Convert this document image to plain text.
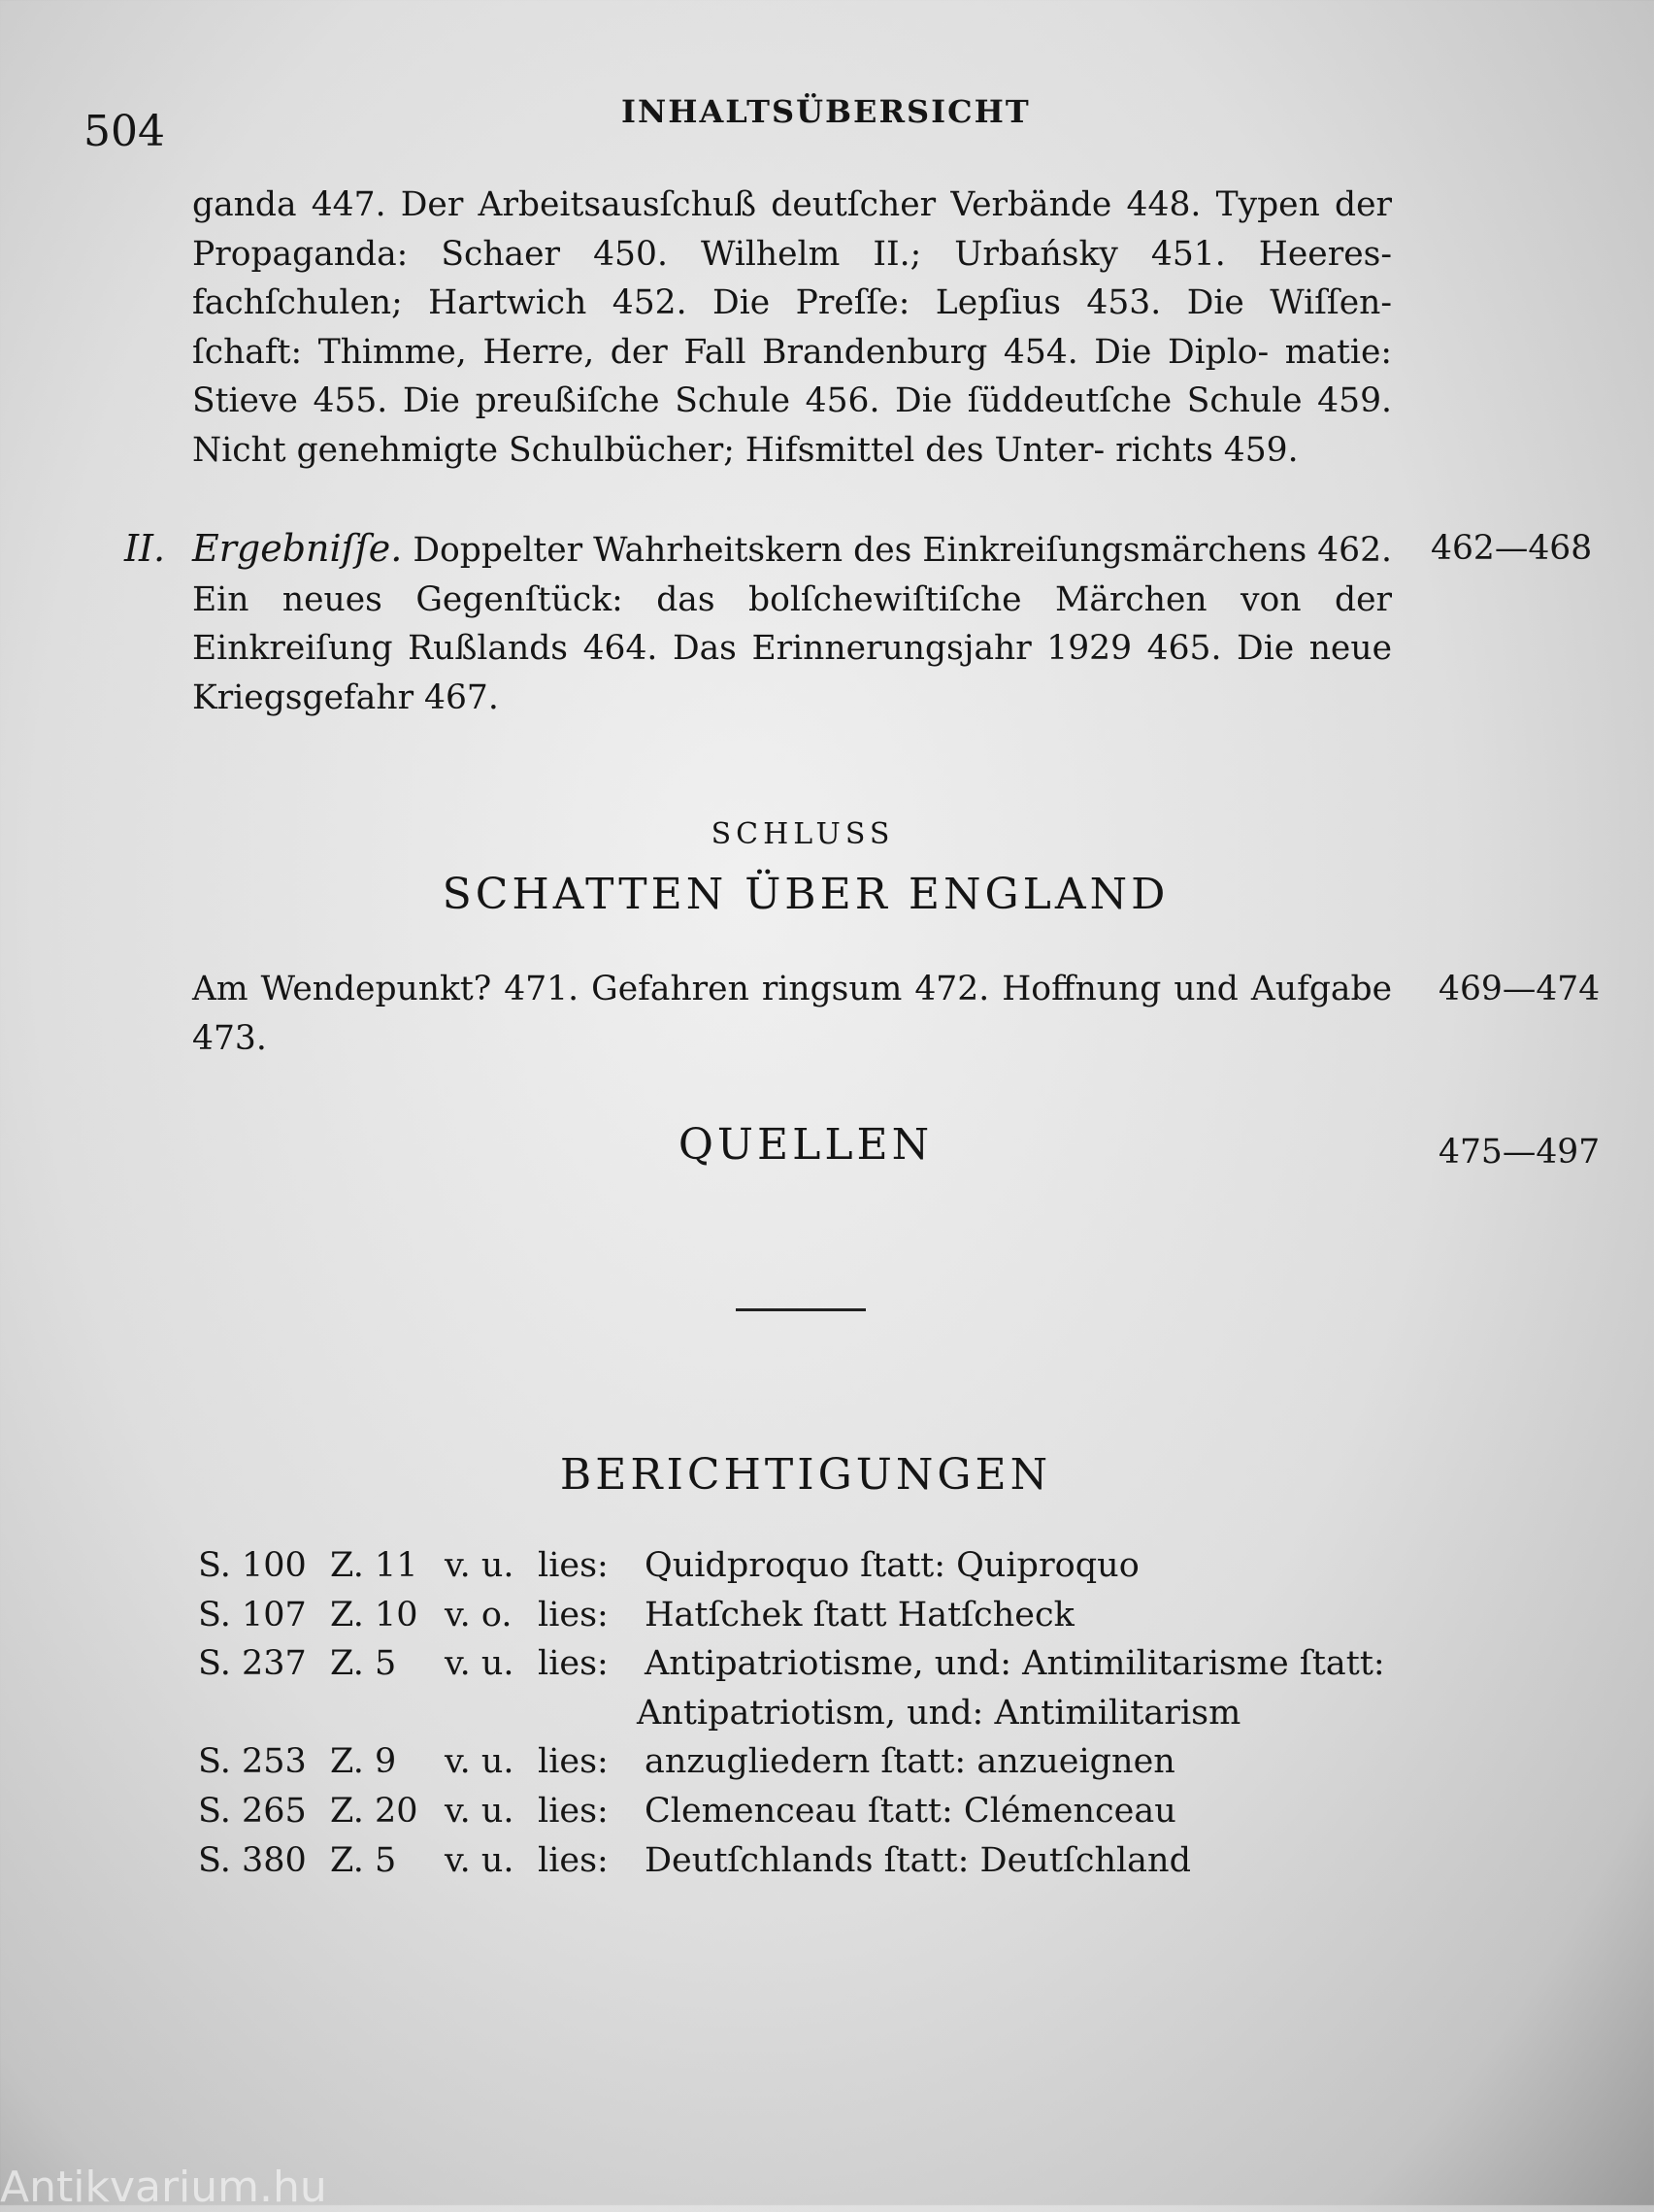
504	INHALTSÜBERSICHT
ganda 447. Der Arbeitsausſchuß deutſcher Verbände 448. Typen der Propaganda: Schaer 450. Wilhelm II.; Urbańsky 451. Heeres- fachſchulen; Hartwich 452. Die Preſſe: Lepſius 453. Die Wiſſen- ſchaft: Thimme, Herre, der Fall Brandenburg 454. Die Diplo- matie: Stieve 455. Die preußiſche Schule 456. Die ſüddeutſche Schule 459. Nicht genehmigte Schulbücher; Hifsmittel des Unter- richts 459.
II. Ergebniſſe. Doppelter Wahrheitskern des Einkreiſungsmärchens 462. Ein neues Gegenſtück: das bolſchewiſtiſche Märchen von der Einkreiſung Rußlands 464. Das Erinnerungsjahr 1929 465. Die neue Kriegsgefahr 467.
462—468
SCHLUSS
SCHATTEN ÜBER ENGLAND
Am Wendepunkt? 471. Gefahren ringsum 472. Hoffnung und Aufgabe 473.
469—474
QUELLEN	475—497
BERICHTIGUNGEN
S. 100 Z. 11 v. u. lies:	Quidproquo ſtatt: Quiproquo
S. 107 Z. 10 v. o. lies:	Hatſchek ſtatt Hatſcheck
S. 237 Z. 5	v. u. lies:	Antipatriotisme, und: Antimilitarisme ſtatt:
Antipatriotism, und: Antimilitarism
S. 253 Z. 9	v. u. lies:	anzugliedern ſtatt: anzueignen
S. 265 Z. 20 v. u. lies:	Clemenceau ſtatt: Clémenceau
S. 380 Z. 5	v. u. lies:	Deutſchlands ſtatt: Deutſchland
Antikvarium.hu
